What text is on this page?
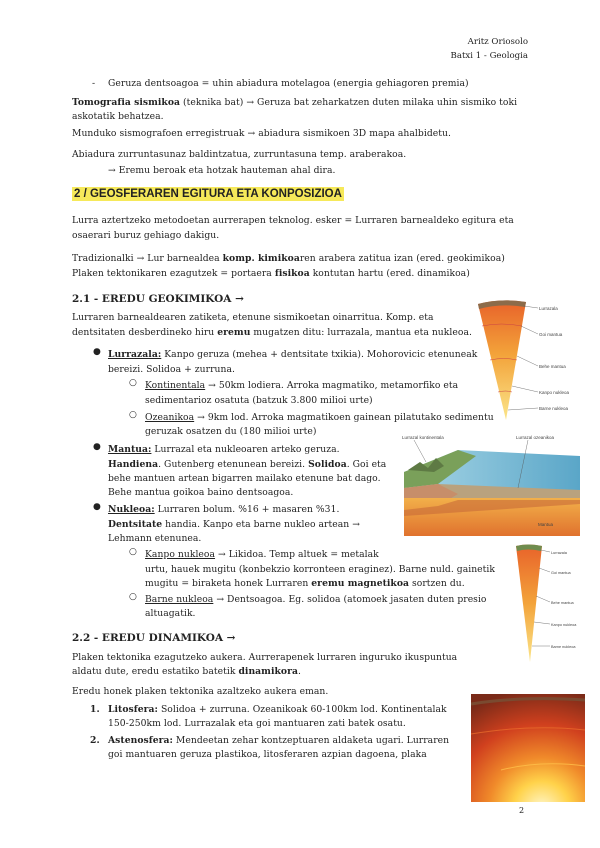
Aritz Oriosolo
Batxi 1 - Geologia
- Geruza dentsoagoa = uhin abiadura motelagoa (energia gehiagoren premia)
Tomografia sismikoa (teknika bat) → Geruza bat zeharkatzen duten milaka uhin sismiko toki
askotatik behatzea.
Munduko sismografoen erregistruak → abiadura sismikoen 3D mapa ahalbidetu.
Abiadura zurruntasunaz baldintzatua, zurruntasuna temp. araberakoa.
→ Eremu beroak eta hotzak hauteman ahal dira.
2 / GEOSFERAREN EGITURA ETA KONPOSIZIOA
Lurra aztertzeko metodoetan aurrerapen teknolog. esker = Lurraren barnealdeko egitura eta
osaerari buruz gehiago dakigu.
Tradizionalki → Lur barnealdea komp. kimikoaren arabera zatitua izan (ered. geokimikoa)
Plaken tektonikaren ezagutzek = portaera fisikoa kontutan hartu (ered. dinamikoa)
2.1 - EREDU GEOKIMIKOA →
Lurraren barnealdearen zatiketa, etenune sismikoetan oinarritua. Komp. eta
dentsitaten desberdineko hiru eremu mugatzen ditu: lurrazala, mantua eta nukleoa.
● Lurrazala: Kanpo geruza (mehea + dentsitate txikia). Mohorovicic etenuneak
bereizi. Solidoa + zurruna.
○ Kontinentala → 50km lodiera. Arroka magmatiko, metamorfiko eta
sedimentarioz osatuta (batzuk 3.800 milioi urte)
○ Ozeanikoa → 9km lod. Arroka magmatikoen gainean pilatutako sedimentu
geruzak osatzen du (180 milioi urte)
● Mantua: Lurrazal eta nukleoaren arteko geruza.
Handiena. Gutenberg etenunean bereizi. Solidoa. Goi eta
behe mantuen artean bigarren mailako etenune bat dago.
Behe mantua goikoa baino dentsoagoa.
● Nukleoa: Lurraren bolum. %16 + masaren %31.
Dentsitate handia. Kanpo eta barne nukleo artean →
Lehmann etenunea.
○ Kanpo nukleoa → Likidoa. Temp altuek = metalak
urtu, hauek mugitu (konbekzio korronteen eraginez). Barne nuld. gainetik
mugitu = biraketa honek Lurraren eremu magnetikoa sortzen du.
○ Barne nukleoa → Dentsoagoa. Eg. solidoa (atomoek jasaten duten presio
altuagatik.
2.2 - EREDU DINAMIKOA →
Plaken tektonika ezagutzeko aukera. Aurrerapenek lurraren inguruko ikuspuntua
aldatu dute, eredu estatiko batetik dinamikora.
Eredu honek plaken tektonika azaltzeko aukera eman.
1. Litosfera: Solidoa + zurruna. Ozeanikoak 60-100km lod. Kontinentalak
150-250km lod. Lurrazalak eta goi mantuaren zati batek osatu.
2. Astenosfera: Mendeetan zehar kontzeptuaren aldaketa ugari. Lurraren
goi mantuaren geruza plastikoa, litosferaren azpian dagoena, plaka
Lurrazala
Goi mantua
Behe mantua
Kanpo nukleoa
Barne nukleoa
Lurrazal kontinentala	Lurrazal ozeanikoa
Mantua
Lurrazala
Goi mantua
Behe mantua
Kanpo nukleoa
Barne nukleoa
2
